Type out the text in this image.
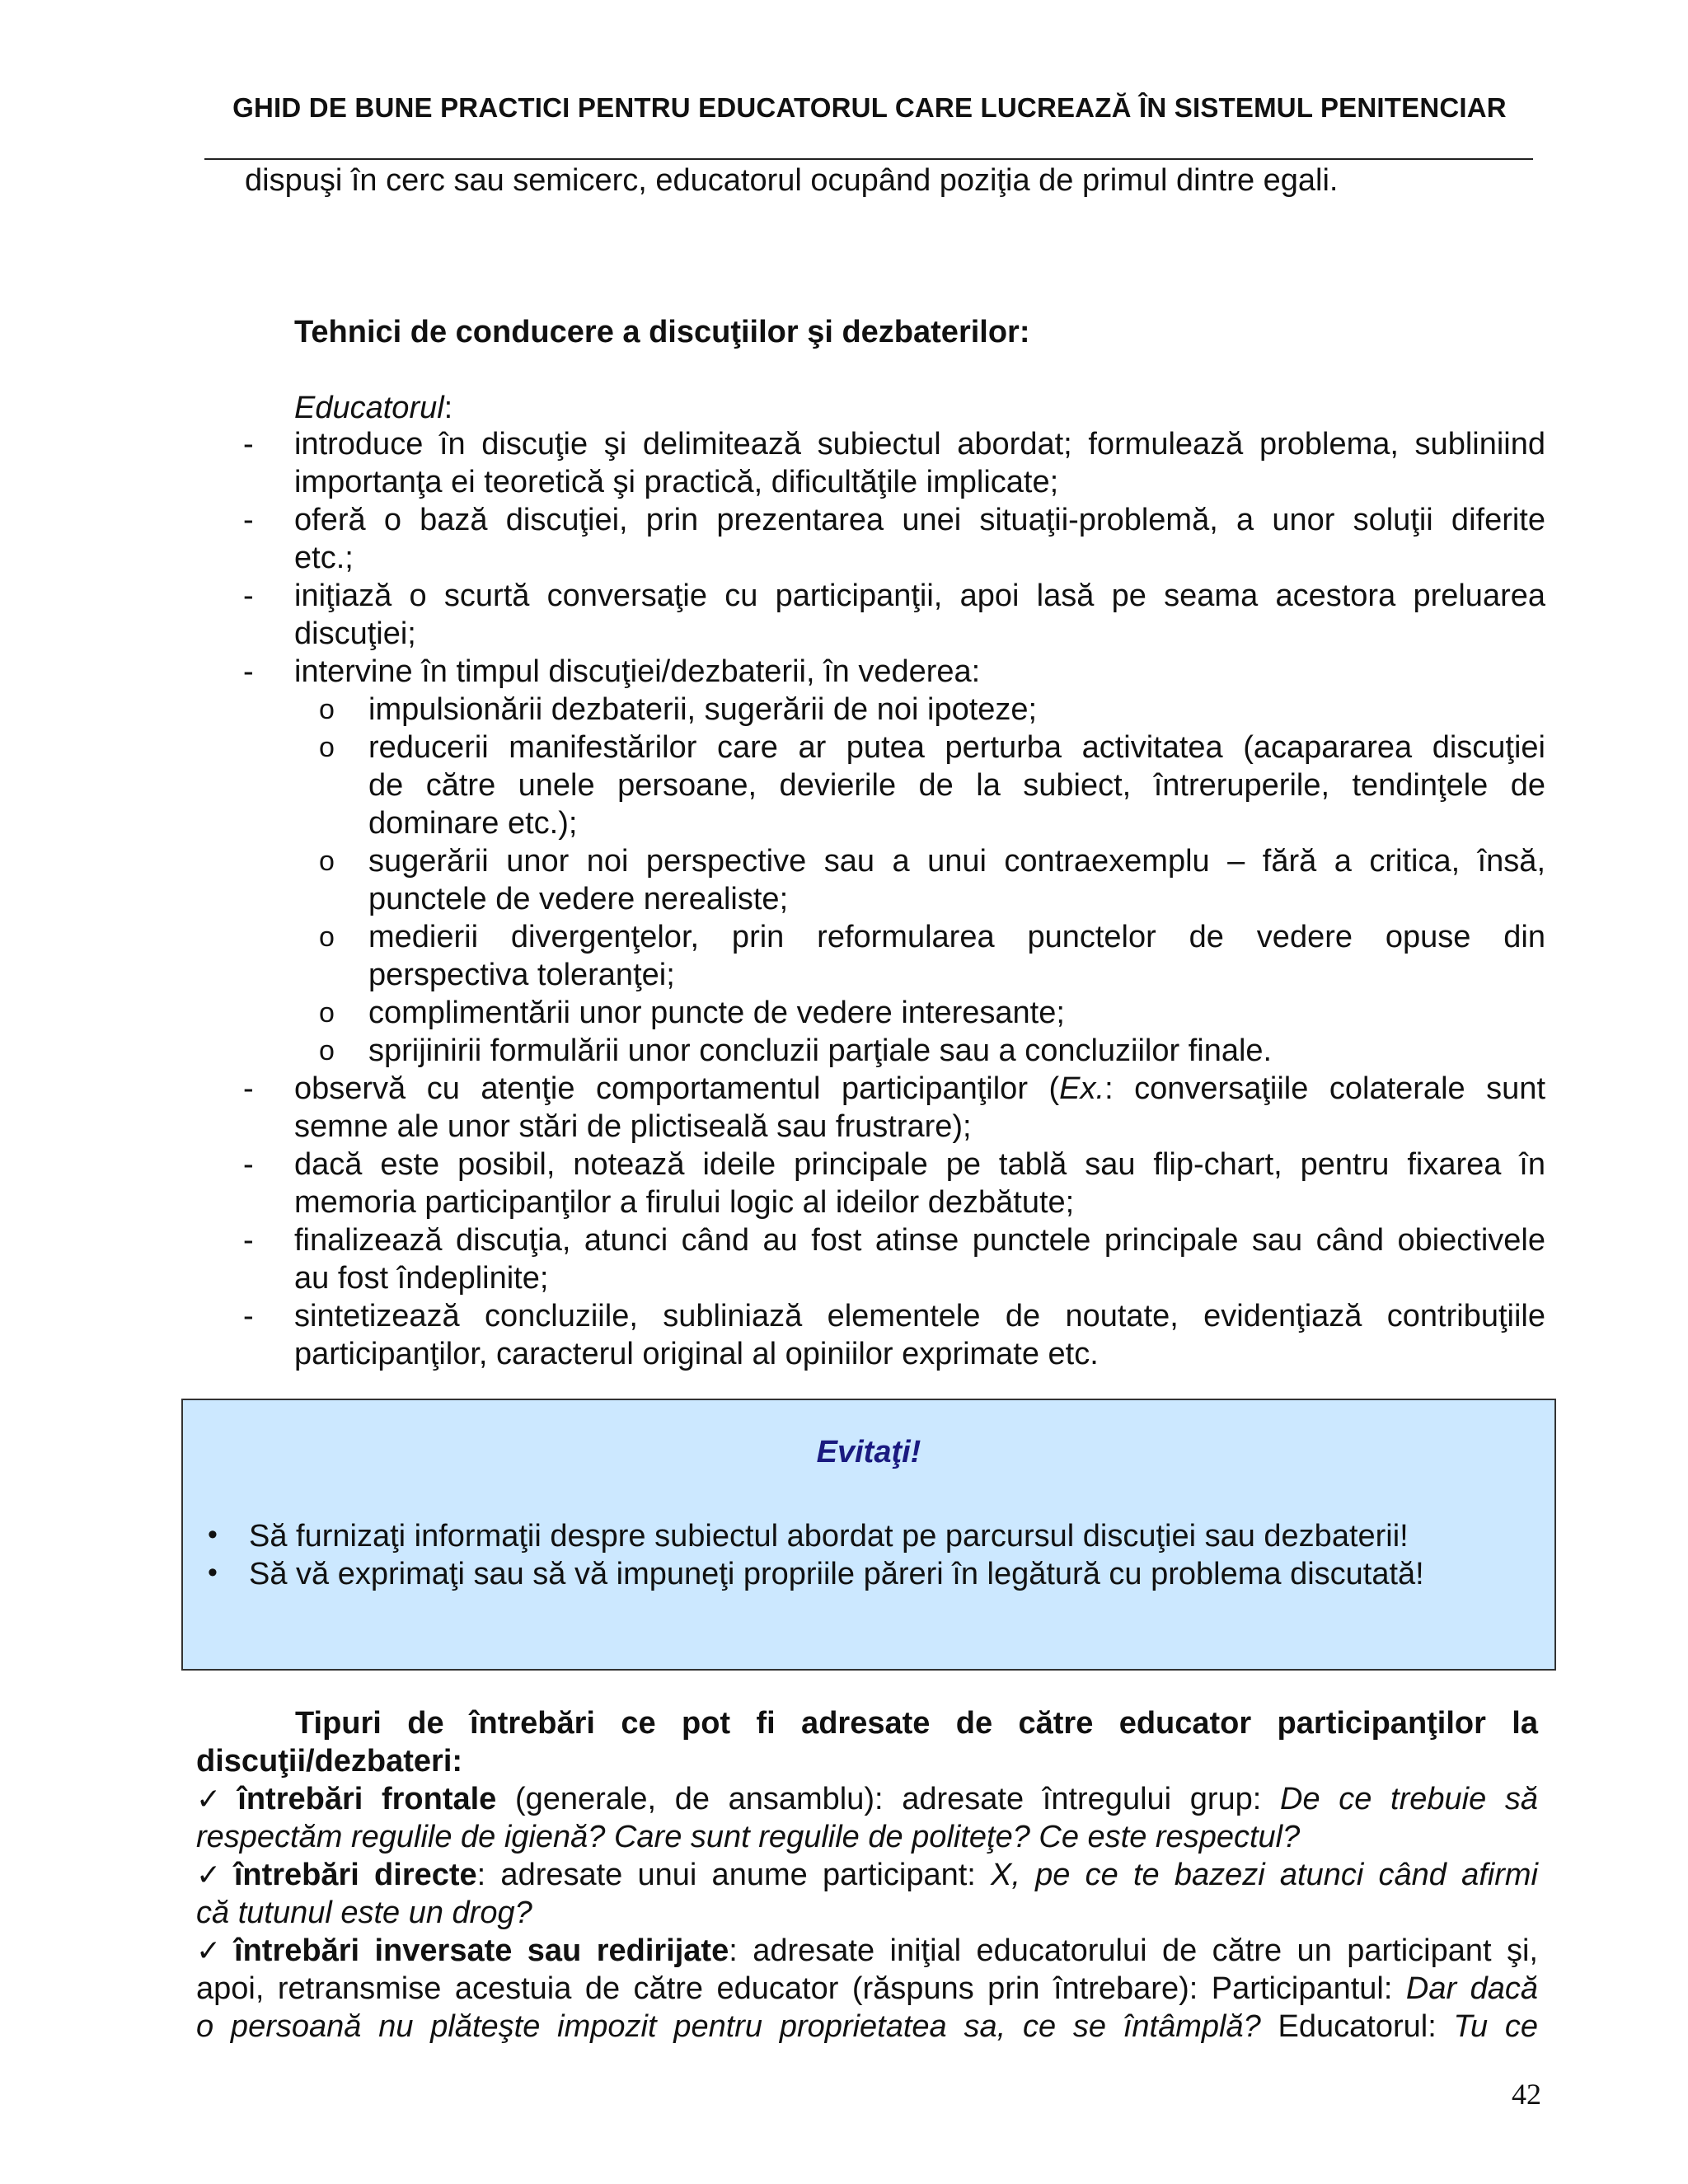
GHID DE BUNE PRACTICI PENTRU EDUCATORUL CARE LUCREAZĂ ÎN SISTEMUL PENITENCIAR
dispuşi în cerc sau semicerc, educatorul ocupând poziţia de primul dintre egali.
Tehnici de conducere a discuţiilor şi dezbaterilor:
Educatorul:
-	introduce în discuţie şi delimitează subiectul abordat; formulează problema, subliniind
importanţa ei teoretică şi practică, dificultăţile implicate;
-	oferă o bază discuţiei, prin prezentarea unei situaţii-problemă, a unor soluţii diferite
etc.;
-	iniţiază o scurtă conversaţie cu participanţii, apoi lasă pe seama acestora preluarea
discuţiei;
-	intervine în timpul discuţiei/dezbaterii, în vederea:
o impulsionării dezbaterii, sugerării de noi ipoteze;
o reducerii manifestărilor care ar putea perturba activitatea (acapararea discuţiei
de către unele persoane, devierile de la subiect, întreruperile, tendinţele de
dominare etc.);
o sugerării unor noi perspective sau a unui contraexemplu – fără a critica, însă,
punctele de vedere nerealiste;
o medierii divergenţelor, prin reformularea punctelor de vedere opuse din
perspectiva toleranţei;
o complimentării unor puncte de vedere interesante;
o sprijinirii formulării unor concluzii parţiale sau a concluziilor finale.
-	observă cu atenţie comportamentul participanţilor (Ex.: conversaţiile colaterale sunt
semne ale unor stări de plictiseală sau frustrare);
-	dacă este posibil, notează ideile principale pe tablă sau flip-chart, pentru fixarea în
memoria participanţilor a firului logic al ideilor dezbătute;
-	finalizează discuţia, atunci când au fost atinse punctele principale sau când obiectivele
au fost îndeplinite;
-	sintetizează concluziile, subliniază elementele de noutate, evidenţiază contribuţiile
participanţilor, caracterul original al opiniilor exprimate etc.
Evitaţi!
• Să furnizaţi informaţii despre subiectul abordat pe parcursul discuţiei sau dezbaterii!
• Să vă exprimaţi sau să vă impuneţi propriile păreri în legătură cu problema discutată!
Tipuri de întrebări ce pot fi adresate de către educator participanţilor la
discuţii/dezbateri:
✓ întrebări frontale (generale, de ansamblu): adresate întregului grup: De ce trebuie să
respectăm regulile de igienă? Care sunt regulile de politeţe? Ce este respectul?
✓ întrebări directe: adresate unui anume participant: X, pe ce te bazezi atunci când afirmi
că tutunul este un drog?
✓ întrebări inversate sau redirijate: adresate iniţial educatorului de către un participant şi,
apoi, retransmise acestuia de către educator (răspuns prin întrebare): Participantul: Dar dacă
o persoană nu plăteşte impozit pentru proprietatea sa, ce se întâmplă? Educatorul: Tu ce
42
